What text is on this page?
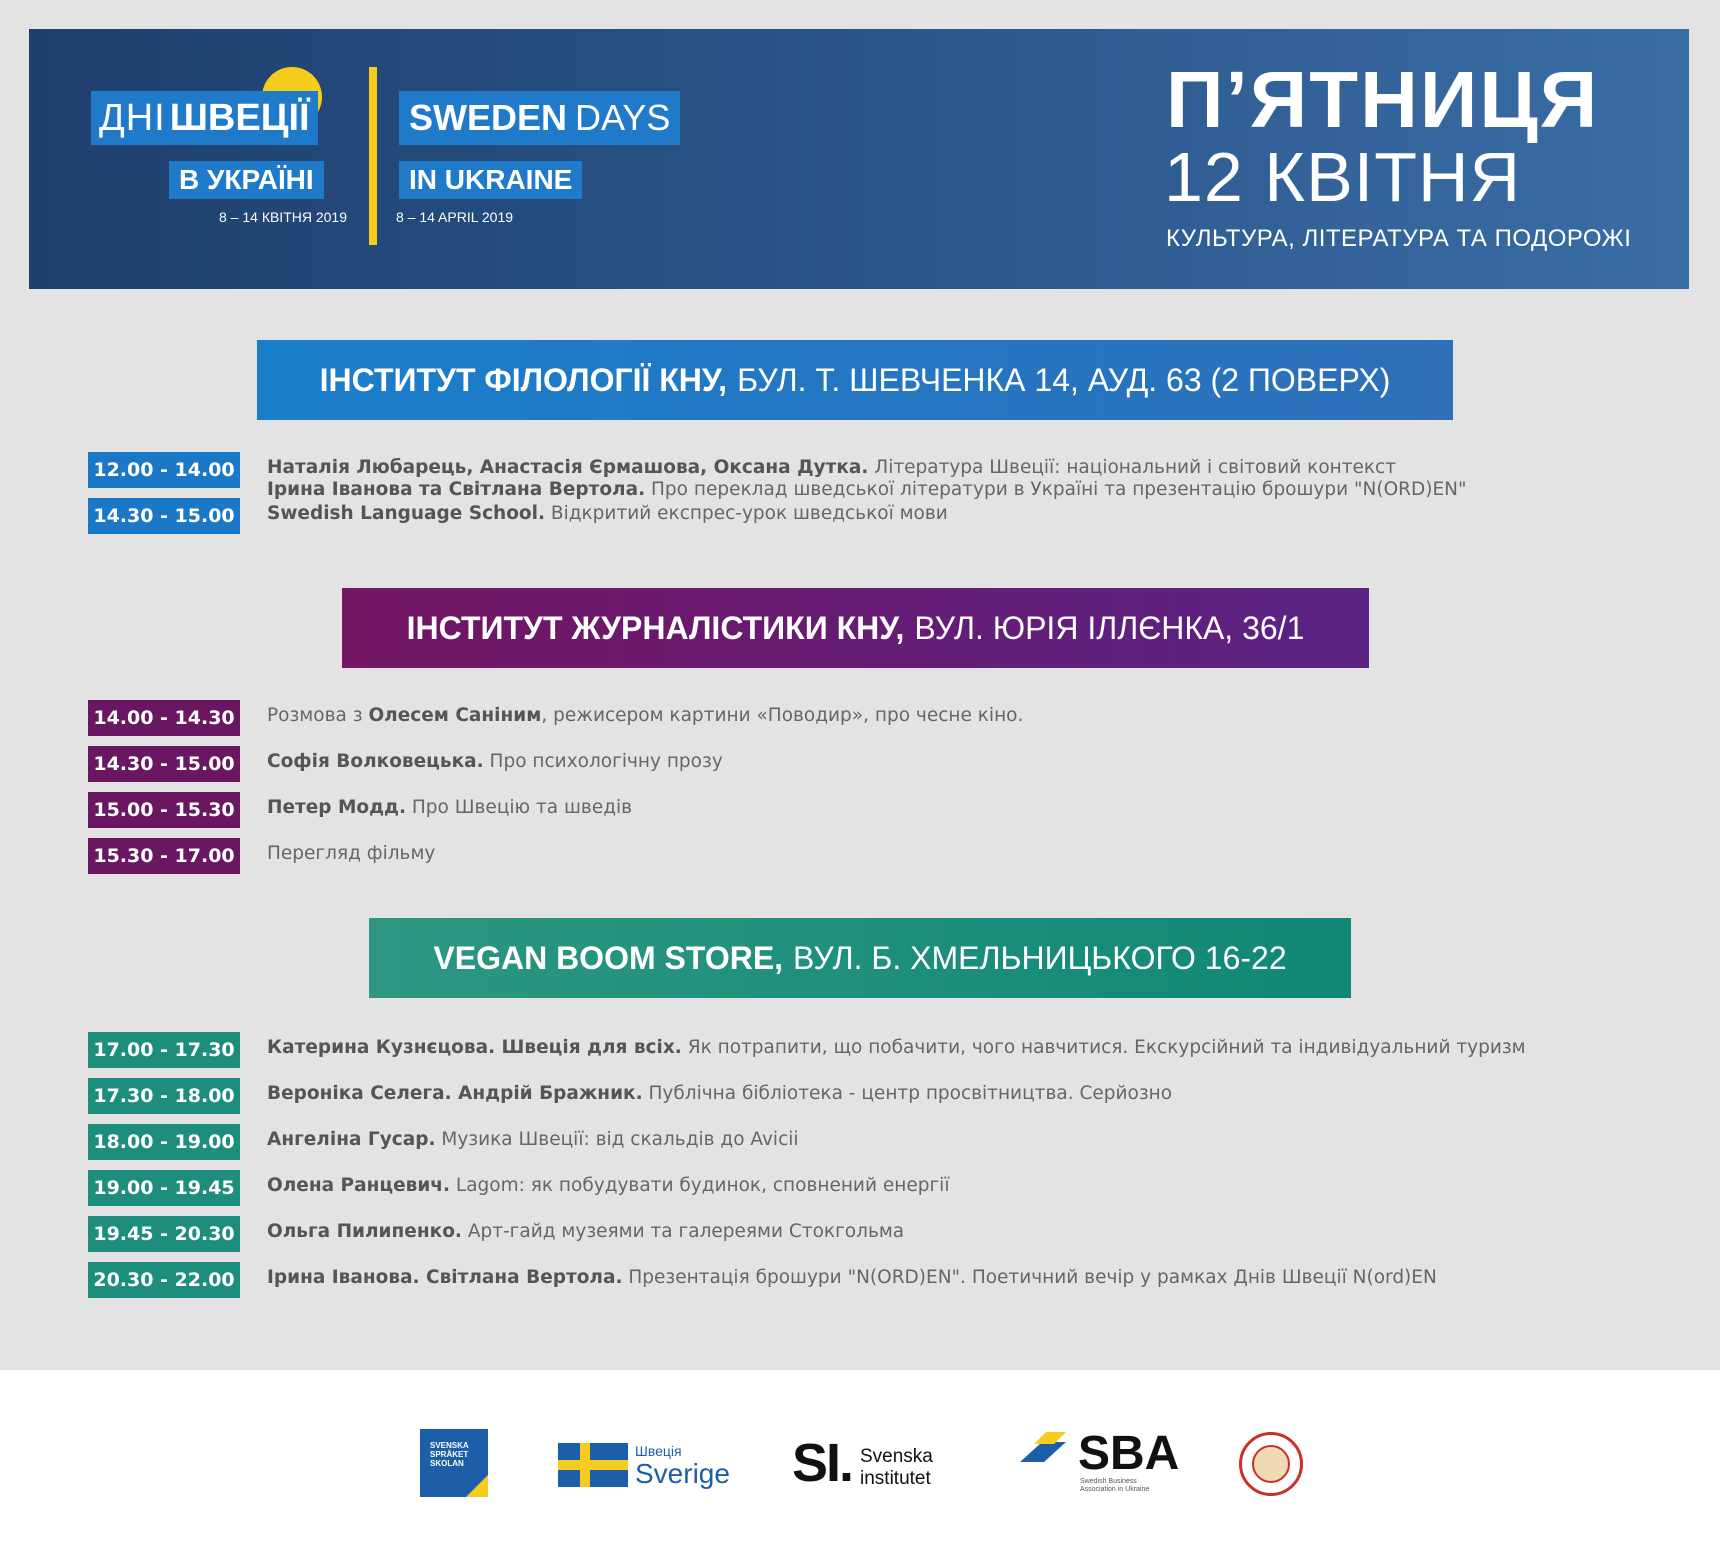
ДНІ ШВЕЦІЇ
В УКРАЇНІ
8 – 14 КВІТНЯ 2019
SWEDEN DAYS
IN UKRAINE
8 – 14 APRIL 2019
П’ЯТНИЦЯ
12 КВІТНЯ
КУЛЬТУРА, ЛІТЕРАТУРА ТА ПОДОРОЖІ
ІНСТИТУТ ФІЛОЛОГІЇ КНУ, БУЛ. Т. ШЕВЧЕНКА 14, АУД. 63 (2 ПОВЕРХ)
12.00 - 14.00 Наталія Любарець, Анастасія Єрмашова, Оксана Дутка. Література Швеції: національний і світовий контекст
Ірина Іванова та Світлана Вертола. Про переклад шведської літератури в Україні та презентацію брошури "N(ORD)EN"
14.30 - 15.00 Swedish Language School. Відкритий експрес-урок шведської мови
ІНСТИТУТ ЖУРНАЛІСТИКИ КНУ, ВУЛ. ЮРІЯ ІЛЛЄНКА, 36/1
14.00 - 14.30 Розмова з Олесем Саніним, режисером картини «Поводир», про чесне кіно.
14.30 - 15.00 Софія Волковецька. Про психологічну прозу
15.00 - 15.30 Петер Модд. Про Швецію та шведів
15.30 - 17.00 Перегляд фільму
VEGAN BOOM STORE, ВУЛ. Б. ХМЕЛЬНИЦЬКОГО 16-22
17.00 - 17.30 Катерина Кузнєцова. Швеція для всіх. Як потрапити, що побачити, чого навчитися. Екскурсійний та індивідуальний туризм
17.30 - 18.00 Вероніка Селега. Андрій Бражник. Публічна бібліотека - центр просвітництва. Серйозно
18.00 - 19.00 Ангеліна Гусар. Музика Швеції: від скальдів до Avicii
19.00 - 19.45 Олена Ранцевич. Lagom: як побудувати будинок, сповнений енергії
19.45 - 20.30 Ольга Пилипенко. Арт-гайд музеями та галереями Стокгольма
20.30 - 22.00 Ірина Іванова. Світлана Вертола. Презентація брошури "N(ORD)EN". Поетичний вечір у рамках Днів Швеції N(ord)EN
SVENSKA
SPRÅKET
SKOLAN
Швеція
Sverige SI. Svenska
institutet	SBA
Swedish Business Association in Ukraine
